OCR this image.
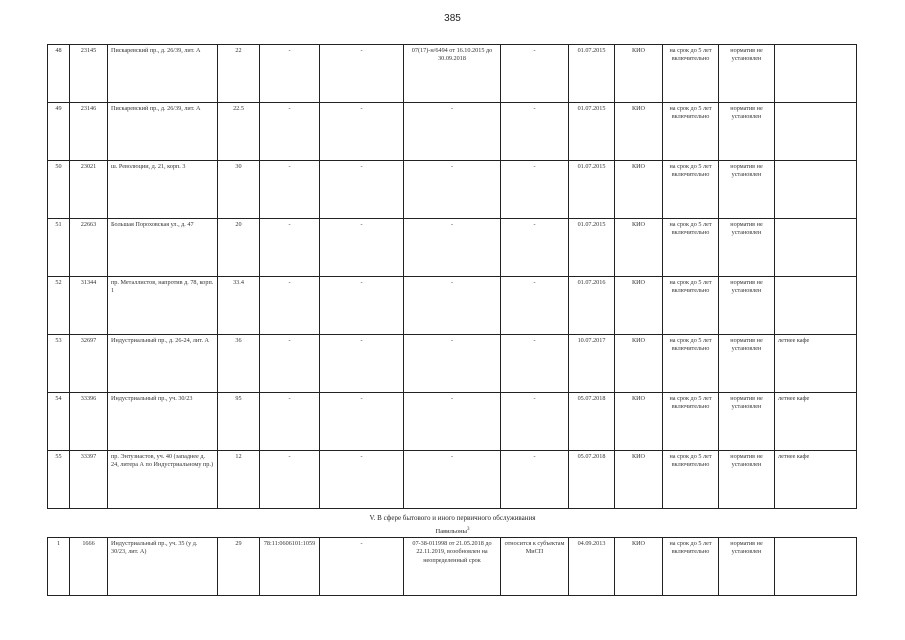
385
48	23145	Пискаревский пр., д. 26/39, лит. А	22	-	-	07(17)-н/6494 от 16.10.2015 до 30.09.2018	-	01.07.2015	КИО	на срок до 5 лет включительно	норматив не установлен	
49	23146	Пискаревский пр., д. 26/39, лит. А	22.5	-	-	-	-	01.07.2015	КИО	на срок до 5 лет включительно	норматив не установлен	
50	23021	ш. Революции, д. 21, корп. 3	30	-	-	-	-	01.07.2015	КИО	на срок до 5 лет включительно	норматив не установлен	
51	22663	Большая Пороховская ул., д. 47	20	-	-	-	-	01.07.2015	КИО	на срок до 5 лет включительно	норматив не установлен	
52	31344	пр. Металлистов, напротив д. 78, корп. 1	33.4	-	-	-	-	01.07.2016	КИО	на срок до 5 лет включительно	норматив не установлен	
53	32697	Индустриальный пр., д. 26-24, лит. А	36	-	-	-	-	10.07.2017	КИО	на срок до 5 лет включительно	норматив не установлен	летнее кафе
54	33396	Индустриальный пр., уч. 30/23	95	-	-	-	-	05.07.2018	КИО	на срок до 5 лет включительно	норматив не установлен	летнее кафе
55	33397	пр. Энтузиастов, уч. 40 (западнее д. 24, литера А по Индустриальному пр.)	12	-	-	-	-	05.07.2018	КИО	на срок до 5 лет включительно	норматив не установлен	летнее кафе
V. В сфере бытового и иного первичного обслуживания
Павильоны$^3$
1	1666	Индустриальный пр., уч. 35 (у д. 30/23, лит. А)	29	78:11:0606101:1059	-	07-38-011998 от 21.05.2018 до 22.11.2019, возобновлен на неопределенный срок	относится к субъектам МиСП	04.09.2013	КИО	на срок до 5 лет включительно	норматив не установлен	
